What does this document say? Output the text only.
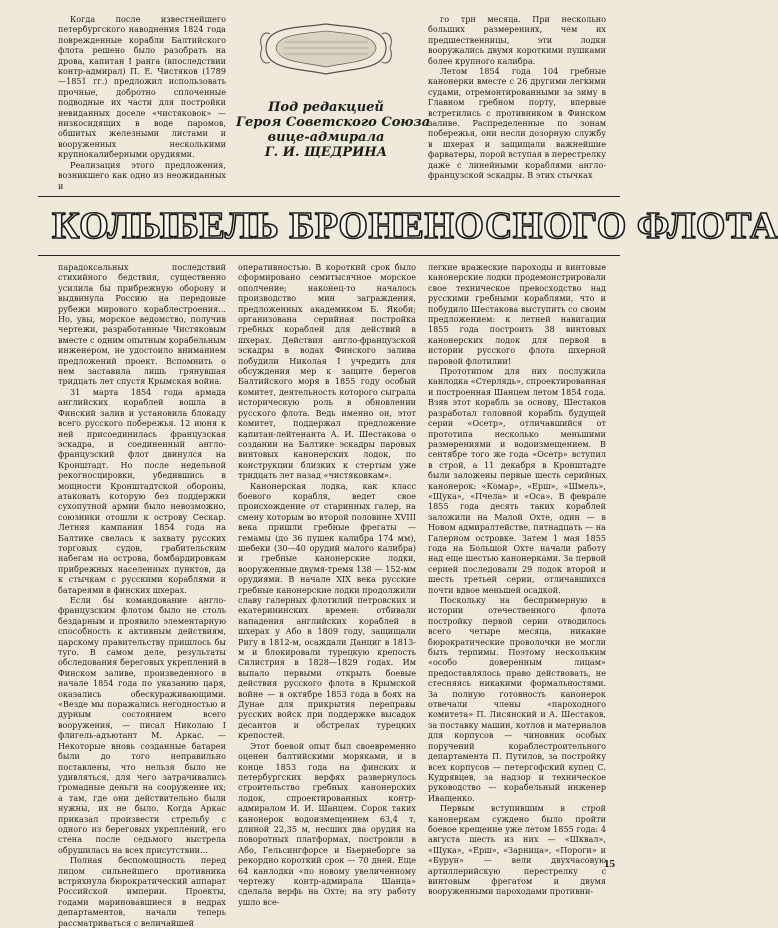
Когда после известнейшего петербургского наводнения 1824 года поврежденные корабли Балтийского флота решено было разобрать на дрова, капитан I ранга (впоследствии контр-адмирал) П. Е. Чистяков (1789—1851 гг.) предложил использовать прочные, добротно сплоченные подводные их части для постройки невиданных доселе «чистяковок» — низкосидящих в воде паромов, обшитых железными листами и вооруженных несколькими крупнокалиберными орудиями.

Реализация этого предложения, возникшего как одно из неожиданных и

Под редакцией
Героя Советского Союза
вице-адмирала
Г. И. ЩЕДРИНА

го трн месяца. При нескольно больших размерениях, чем их предшественницы, эти лодки вооружались двумя короткими пушками более крупного калибра.

Летом 1854 года 104 гребные канонерки вместе с 26 другими легкими судами, отремонтированными за зиму в Главном гребном порту, впервые встретились с противником в Финском заливе. Распределенные по зонам побережья, они несли дозорную службу в шхерах и защищали важнейшие фарватеры, порой вступая в перестрелку даже с линейными кораблями англо-французской эскадры. В этих стычках

КОЛЫБЕЛЬ БРОНЕНОСНОГО ФЛОТА

парадоксальных последствий стихийного бедствия, существенно усилила бы прибрежную оборону и выдвинула Россию на передовые рубежи мирового кораблестроения... Но, увы, морское ведомство, получив чертежи, разработанные Чистяковым вместе с одним опытным корабельным инженером, не удостоило вниманием предложений проект. Вспомнить о нем заставила лишь грянувшая тридцать лет спустя Крымская война.

31 марта 1854 года армада английских кораблей вошла в Финский залив и установила блокаду всего русского побережья. 12 июня к ней присоединилась французская эскадра, и соединенный англо-французский флот двинулся на Кронштадт. Но после недельной рекогносцировки, убедившись в мощности Кронштадтской обороны, атаковать которую без поддержки сухопутной армии было невозможно, союзники отошли к острову Сескар. Летняя кампания 1854 года на Балтике свелась к захвату русских торговых судов, грабительским набегам на острова, бомбардировкам прибрежных населенных пунктов, да к стычкам с русскими кораблями и батареями в финских шхерах.

Если бы командование англо-французским флотом было не столь бездарным и проявило элементарную способность к активным действиям, царскому правительству пришлось бы туго. В самом деле, результаты обследования береговых укреплений в Финском заливе, произведенного в начале 1854 года по указанию царя, оказались обескураживающими. «Везде мы поражались негодностью и дурным состоянием всего вооружения, — писал Николаю I флигель-адъютант М. Аркас. — Некоторые вновь созданные батареи были до того неправильно поставлены, что нельзя было не удивляться, для чего затрачивались громадные деньги на сооружение их; а там, где они действительно были нужны, их не было. Когда Аркас приказал произвести стрельбу с одного из береговых укреплений, его стена после седьмого выстрела обрушилась на всех присутствии...

Полная беспомощность перед лицом сильнейшего противника встряхнула бюрократический аппарат Российской империи. Проекты, годами мариновавшиеся в недрах департаментов, начали теперь рассматриваться с величайшей

оперативностью. В короткий срок было сформировано семитысячное морское ополчение; наконец-то началось производство мин заграждения, предложенных академиком Б. Якоби; организована серийная постройка гребных кораблей для действий в шхерах. Действия англо-французской эскадры в водах Финского залива побудили Николая I учредить для обсуждения мер к защите берегов Балтийского моря в 1855 году особый комитет, деятельность которого сыграла историческую роль в обновлении русского флота. Ведь именно он, этот комитет, поддержал предложение капитан-лейтенанта А. И. Шестакова о создании на Балтике эскадры паровых винтовых канонерских лодок, по конструкции близких к стертым уже тридцать лет назад «чистяковкам».

Канонерская лодка, как класс боевого корабля, ведет свое происхождение от старинных галер, на смену которым во второй половине XVIII века пришли гребные фрегаты — гемамы (до 36 пушек калибра 174 мм), шебеки (30—40 орудий малого калибра) и гребные канонерские лодки, вооруженные двумя-тремя 138 — 152-мм орудиями. В начале XIX века русские гребные канонерские лодки продолжили славу галерных флотилий петровских и екатерининских времен: отбивали нападения английских кораблей в шхерах у Або в 1809 году, защищали Ригу в 1812-м, осаждали Данциг в 1813-м и блокировали турецкую крепость Силистрия в 1828—1829 годах. Им выпало первыми открыть боевые действия русского флота в Крымской войне — в октябре 1853 года в боях на Дунае для прикрытия переправы русских войск при поддержке высадок десантов и обстрелах турецких крепостей.

Этот боевой опыт был своевременно оценен балтийскими моряками, и в конце 1853 года на финских и петербургских верфях развернулось строительство гребных канонерских лодок, спроектированных контр-адмиралом И. И. Шанцем. Сорок таких канонерок водоизмещением 63,4 т, длиной 22,35 м, несших два орудия на поворотных платформах, построили в Або, Гельсингфорсе и Бьернеборге за рекордно короткий срок — 70 дней. Еще 64 канлодки «по новому увеличенному чертежу контр-адмирала Шанца» сделала верфь на Охте; на эту работу ушло все-

легкие вражеские пароходы и винтовые канонерские лодки продемонстрировали свое техническое превосходство над русскими гребными кораблями, что и побудило Шестакова выступить со своим предложением: к летней навигации 1855 года построить 38 винтовых канонерских лодок для первой в истории русского флота шхерной паровой флотилии!

Прототипом для них послужила канлодка «Стерлядь», спроектированная и построенная Шанцем летом 1854 года. Взяв этот корабль за основу, Шестаков разработал головной корабль будущей серии «Осетр», отличавшийся от прототипа несколько меньшими размерениями и водоизмещением. В сентябре того же года «Осетр» вступил в строй, а 11 декабря в Кронштадте были заложены первые шесть серийных канонерок: «Комар», «Ерш», «Шмель», «Щука», «Пчела» и «Оса». В феврале 1855 года десять таких кораблей заложили на Малой Охте, один — в Новом адмиралтействе, пятнадцать — на Галерном островке. Затем 1 мая 1855 года на Большой Охте начали работу над еще шестью канонерками. За первой серией последовали 29 лодок второй и шесть третьей серии, отличавшихся почти вдвое меньшей осадкой.

Поскольку на беспримерную в истории отечественного флота постройку первой серии отводилось всего четыре месяца, никакие бюрократические проволочки не могли быть терпимы. Поэтому нескольким «особо доверенным лицам» предоставлялось право действовать, не стесняясь никакими формальностями. За полную готовность канонерок отвечали члены «пароходного комитета» П. Лисянский и А. Шестаков, за поставку машин, котлов и материалов для корпусов — чиновник особых поручений кораблестроительного департамента П. Путилов, за постройку всех корпусов — петергофский купец С. Кудрявцев, за надзор и техническое руководство — корабельный инженер Иващенко.

Первым вступившим в строй канонеркам суждено было пройти боевое крещение уже летом 1855 года: 4 августа шесть из них — «Шквал», «Щука», «Ерш», «Зарница», «Пороги» и «Бурун» — вели двухчасовую артиллерийскую перестрелку с винтовым фрегатом и двумя вооруженными пароходами противни-

15
